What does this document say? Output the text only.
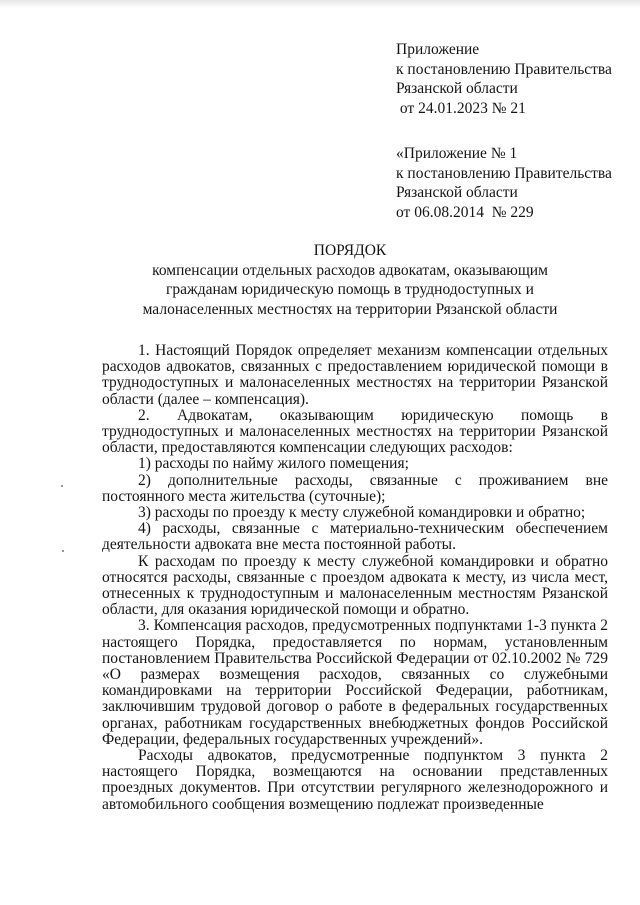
Приложение
к постановлению Правительства
Рязанской области
от 24.01.2023 № 21
«Приложение № 1
к постановлению Правительства
Рязанской области
от 06.08.2014  № 229
ПОРЯДОК
компенсации отдельных расходов адвокатам, оказывающим
гражданам юридическую помощь в труднодоступных и
малонаселенных местностях на территории Рязанской области

1. Настоящий Порядок определяет механизм компенсации отдельных расходов адвокатов, связанных с предоставлением юридической помощи в труднодоступных и малонаселенных местностях на территории Рязанской области (далее – компенсация).

2. Адвокатам, оказывающим юридическую помощь в труднодоступных и малонаселенных местностях на территории Рязанской области, предоставляются компенсации следующих расходов:

1) расходы по найму жилого помещения;

2) дополнительные расходы, связанные с проживанием вне постоянного места жительства (суточные);

3) расходы по проезду к месту служебной командировки и обратно;

4) расходы, связанные с материально-техническим обеспечением деятельности адвоката вне места постоянной работы.

К расходам по проезду к месту служебной командировки и обратно относятся расходы, связанные с проездом адвоката к месту, из числа мест, отнесенных к труднодоступным и малонаселенным местностям Рязанской области, для оказания юридической помощи и обратно.

3. Компенсация расходов, предусмотренных подпунктами 1-3 пункта 2 настоящего Порядка, предоставляется по нормам, установленным постановлением Правительства Российской Федерации от 02.10.2002 № 729 «О размерах возмещения расходов, связанных со служебными командировками на территории Российской Федерации, работникам, заключившим трудовой договор о работе в федеральных государственных органах, работникам государственных внебюджетных фондов Российской Федерации, федеральных государственных учреждений».

Расходы адвокатов, предусмотренные подпунктом 3 пункта 2 настоящего Порядка, возмещаются на основании представленных проездных документов. При отсутствии регулярного железнодорожного и автомобильного сообщения возмещению подлежат произведенные
